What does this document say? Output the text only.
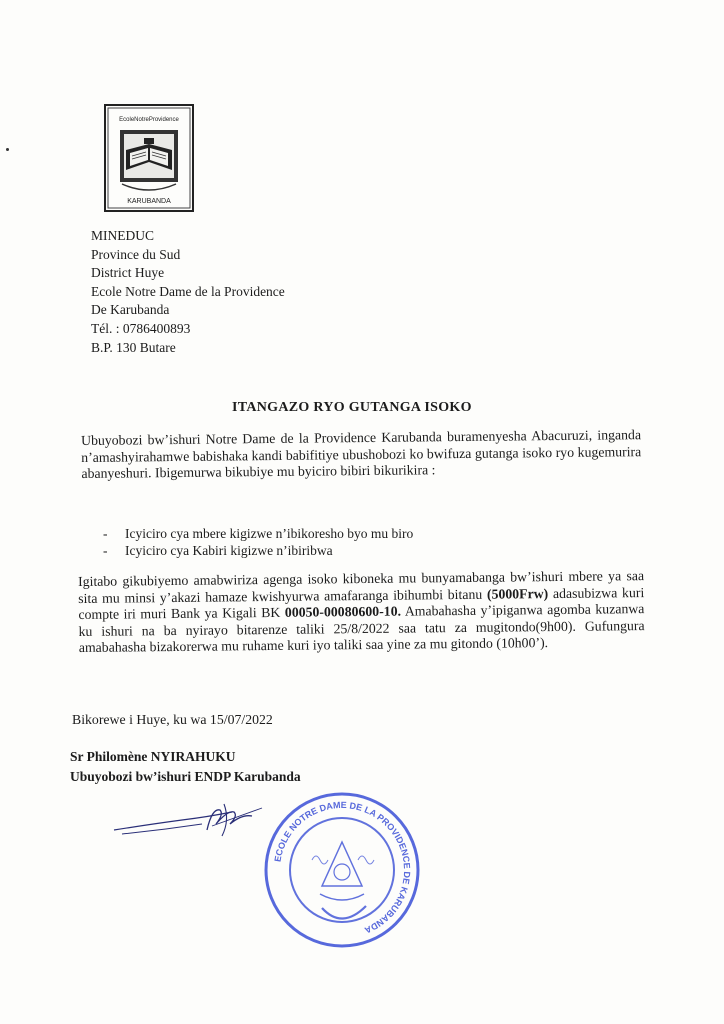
EcoleNotreProvidence
KARUBANDA
MINEDUC
Province du Sud
District Huye
Ecole Notre Dame de la Providence
De Karubanda
Tél. : 0786400893
B.P. 130 Butare
ITANGAZO RYO GUTANGA ISOKO
Ubuyobozi bw’ishuri Notre Dame de la Providence Karubanda buramenyesha Abacuruzi, inganda n’amashyirahamwe babishaka kandi babifitiye ubushobozi ko bwifuza gutanga isoko ryo kugemurira abanyeshuri. Ibigemurwa bikubiye mu byiciro bibiri bikurikira :
- Icyiciro cya mbere kigizwe n’ibikoresho byo mu biro
- Icyiciro cya Kabiri kigizwe n’ibiribwa
Igitabo gikubiyemo amabwiriza agenga isoko kiboneka mu bunyamabanga bw’ishuri mbere ya saa sita mu minsi y’akazi hamaze kwishyurwa amafaranga ibihumbi bitanu (5000Frw) adasubizwa kuri compte iri muri Bank ya Kigali BK 00050-00080600-10. Amabahasha y’ipiganwa agomba kuzanwa ku ishuri na ba nyirayo bitarenze taliki 25/8/2022 saa tatu za mugitondo(9h00). Gufungura amabahasha bizakorerwa mu ruhame kuri iyo taliki saa yine za mu gitondo (10h00’).
Bikorewe i Huye, ku wa 15/07/2022
Sr Philomène NYIRAHUKU
Ubuyobozi bw’ishuri ENDP Karubanda
ECOLE NOTRE DAME DE LA PROVIDENCE DE KARUBANDA
